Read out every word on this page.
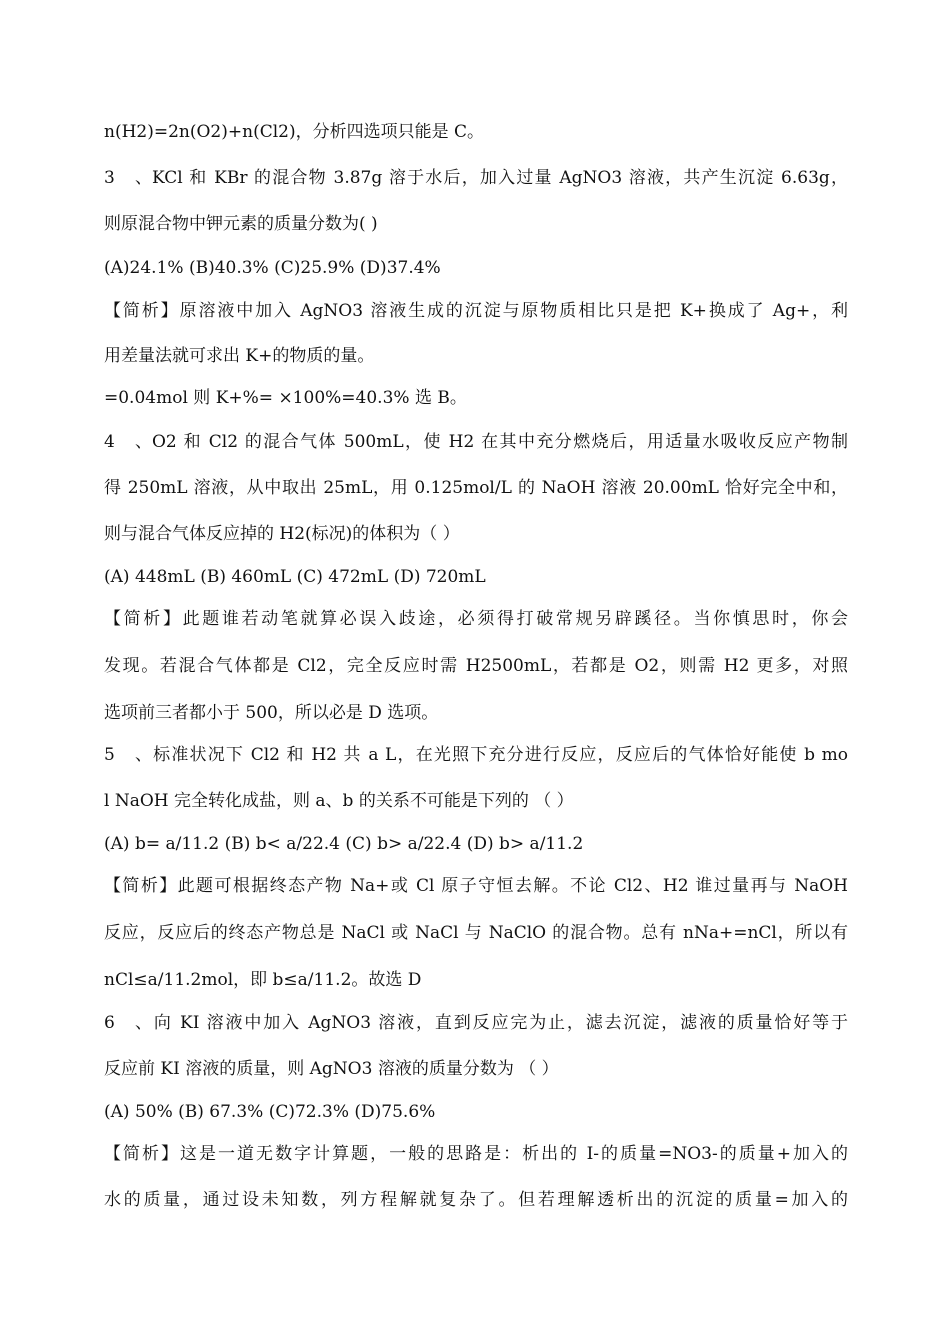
n(H2)=2n(O2)+n(Cl2)，分析四选项只能是 C。
3、KCl 和 KBr 的混合物 3.87g 溶于水后，加入过量 AgNO3 溶液，共产生沉淀 6.63g，
则原混合物中钾元素的质量分数为( )
(A)24.1% (B)40.3% (C)25.9% (D)37.4%
【简析】原溶液中加入 AgNO3 溶液生成的沉淀与原物质相比只是把 K+换成了 Ag+，利
用差量法就可求出 K+的物质的量。
=0.04mol 则 K+%= ×100%=40.3% 选 B。
4、O2 和 Cl2 的混合气体 500mL，使 H2 在其中充分燃烧后，用适量水吸收反应产物制
得 250mL 溶液，从中取出 25mL，用 0.125mol/L 的 NaOH 溶液 20.00mL 恰好完全中和，
则与混合气体反应掉的 H2(标况)的体积为（ ）
(A) 448mL (B) 460mL (C) 472mL (D) 720mL
【简析】此题谁若动笔就算必误入歧途，必须得打破常规另辟蹊径。当你慎思时，你会
发现。若混合气体都是 Cl2，完全反应时需 H2500mL，若都是 O2，则需 H2 更多，对照
选项前三者都小于 500，所以必是 D 选项。
5、标准状况下 Cl2 和 H2 共 a L，在光照下充分进行反应，反应后的气体恰好能使 b mo
l NaOH 完全转化成盐，则 a、b 的关系不可能是下列的 （ ）
(A) b= a/11.2 (B) b< a/22.4 (C) b> a/22.4 (D) b> a/11.2
【简析】此题可根据终态产物 Na+或 Cl 原子守恒去解。不论 Cl2、H2 谁过量再与 NaOH
反应，反应后的终态产物总是 NaCl 或 NaCl 与 NaClO 的混合物。总有 nNa+=nCl，所以有
nCl≤a/11.2mol，即 b≤a/11.2。故选 D
6、向 KI 溶液中加入 AgNO3 溶液，直到反应完为止，滤去沉淀，滤液的质量恰好等于
反应前 KI 溶液的质量，则 AgNO3 溶液的质量分数为 （ ）
(A) 50% (B) 67.3% (C)72.3% (D)75.6%
【简析】这是一道无数字计算题，一般的思路是：析出的 I-的质量=NO3-的质量+加入的
水的质量，通过设未知数，列方程解就复杂了。但若理解透析出的沉淀的质量=加入的
